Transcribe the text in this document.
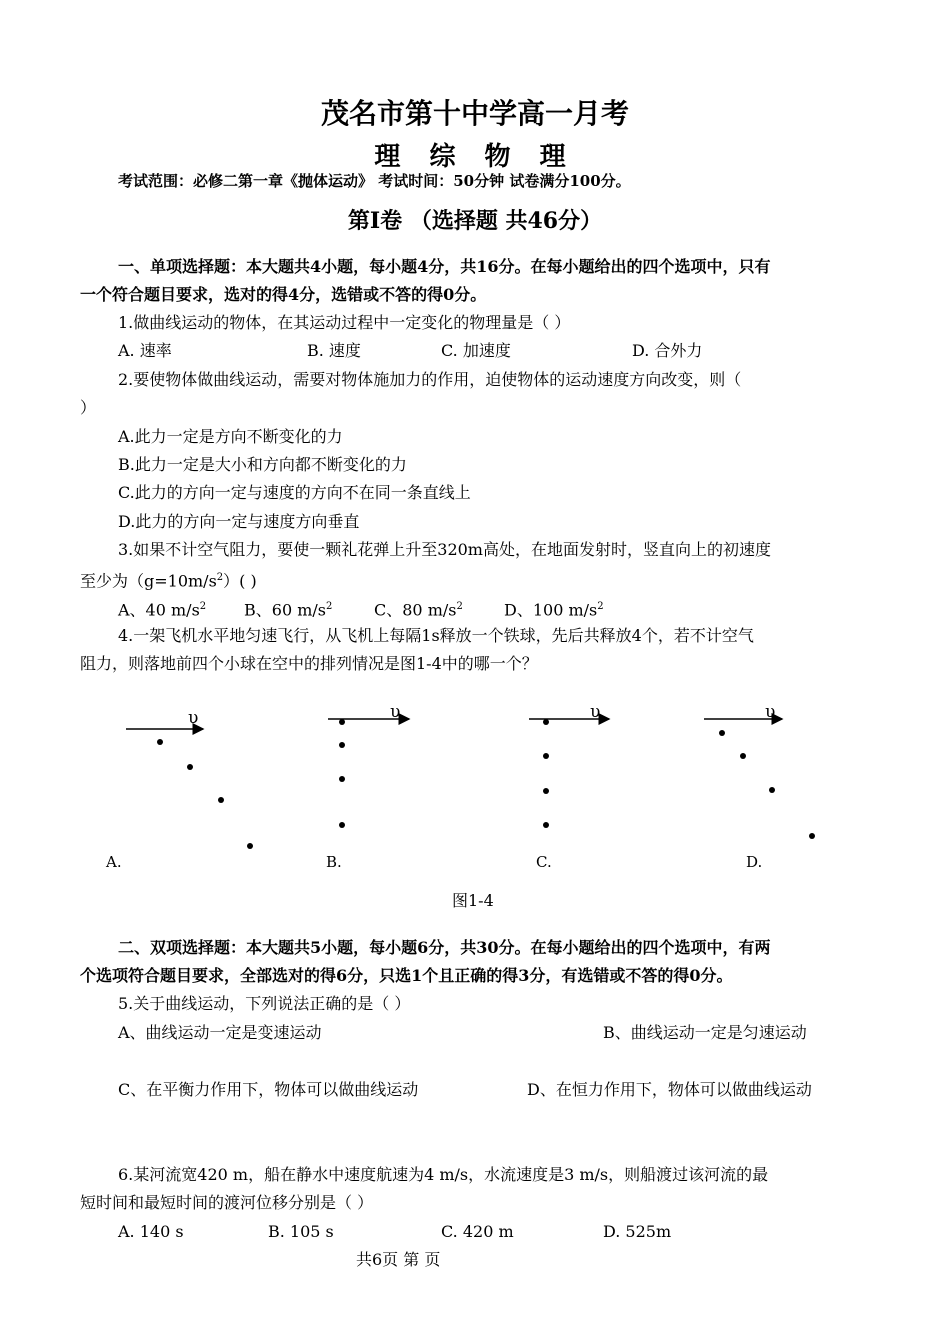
茂名市第十中学高一月考
理 综 物 理
考试范围：必修二第一章《抛体运动》 考试时间：50分钟 试卷满分100分。
第I卷 （选择题 共46分）
一、单项选择题：本大题共4小题，每小题4分，共16分。在每小题给出的四个选项中，只有
一个符合题目要求，选对的得4分，选错或不答的得0分。
1.做曲线运动的物体，在其运动过程中一定变化的物理量是（ ）
A. 速率	B. 速度	C. 加速度	D. 合外力
2.要使物体做曲线运动，需要对物体施加力的作用，迫使物体的运动速度方向改变，则（
）
A.此力一定是方向不断变化的力
B.此力一定是大小和方向都不断变化的力
C.此力的方向一定与速度的方向不在同一条直线上
D.此力的方向一定与速度方向垂直
3.如果不计空气阻力，要使一颗礼花弹上升至320m高处，在地面发射时，竖直向上的初速度
至少为$(g=10m/s^2)$( )
A、40 $m/s^2$ B、60 $m/s^2$	C、80 $m/s^2$	D、100 $m/s^2$
4.一架飞机水平地匀速飞行，从飞机上每隔1s释放一个铁球，先后共释放4个，若不计空气
阻力，则落地前四个小球在空中的排列情况是图1-4中的哪一个？
υ
A.
υ
B.
υ
C.
υ
D.
图1-4
二、双项选择题：本大题共5小题，每小题6分，共30分。在每小题给出的四个选项中，有两
个选项符合题目要求，全部选对的得6分，只选1个且正确的得3分，有选错或不答的得0分。
5.关于曲线运动，下列说法正确的是（ ）
A、曲线运动一定是变速运动	B、曲线运动一定是匀速运动
C、在平衡力作用下，物体可以做曲线运动	D、在恒力作用下，物体可以做曲线运动
6.某河流宽420 m，船在静水中速度航速为4 m/s，水流速度是3 m/s，则船渡过该河流的最
短时间和最短时间的渡河位移分别是（ ）
A. 140 s	B. 105 s	C. 420 m	D. 525m
共6页 第 页
